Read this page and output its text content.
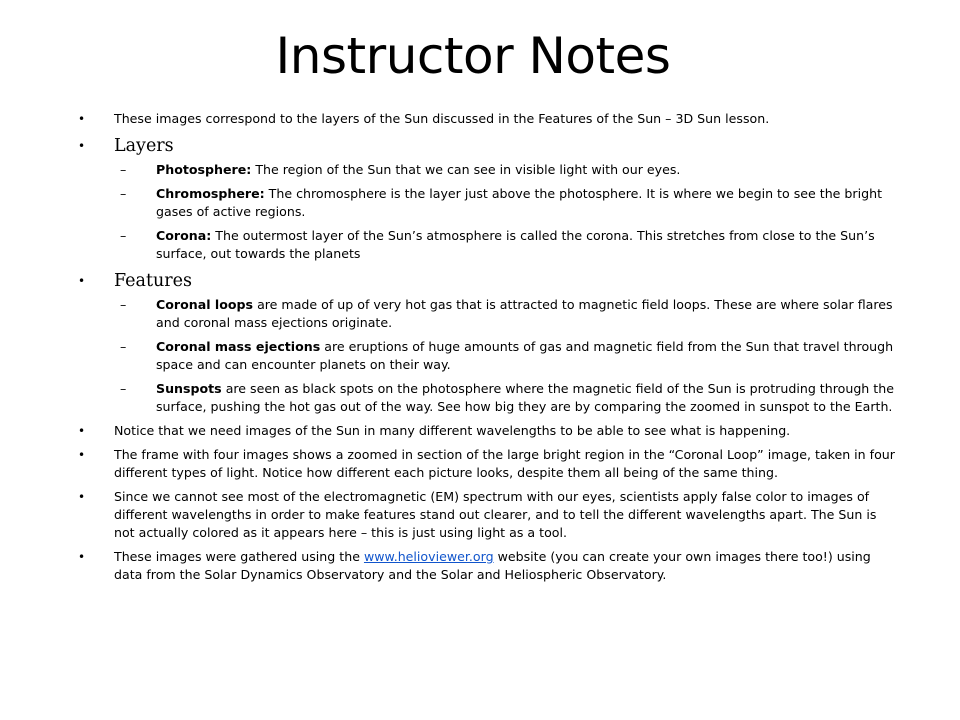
Instructor Notes
• These images correspond to the layers of the Sun discussed in the Features of the Sun – 3D Sun lesson.
• Layers
– Photosphere: The region of the Sun that we can see in visible light with our eyes.
– Chromosphere: The chromosphere is the layer just above the photosphere. It is where we begin to see the bright gases of active regions.
– Corona: The outermost layer of the Sun’s atmosphere is called the corona. This stretches from close to the Sun’s surface, out towards the planets
• Features
– Coronal loops are made of up of very hot gas that is attracted to magnetic field loops. These are where solar flares and coronal mass ejections originate.
– Coronal mass ejections are eruptions of huge amounts of gas and magnetic field from the Sun that travel through space and can encounter planets on their way.
– Sunspots are seen as black spots on the photosphere where the magnetic field of the Sun is protruding through the surface, pushing the hot gas out of the way. See how big they are by comparing the zoomed in sunspot to the Earth.
• Notice that we need images of the Sun in many different wavelengths to be able to see what is happening.
• The frame with four images shows a zoomed in section of the large bright region in the “Coronal Loop” image, taken in four different types of light. Notice how different each picture looks, despite them all being of the same thing.
• Since we cannot see most of the electromagnetic (EM) spectrum with our eyes, scientists apply false color to images of different wavelengths in order to make features stand out clearer, and to tell the different wavelengths apart. The Sun is not actually colored as it appears here – this is just using light as a tool.
• These images were gathered using the www.helioviewer.org website (you can create your own images there too!) using data from the Solar Dynamics Observatory and the Solar and Heliospheric Observatory.
